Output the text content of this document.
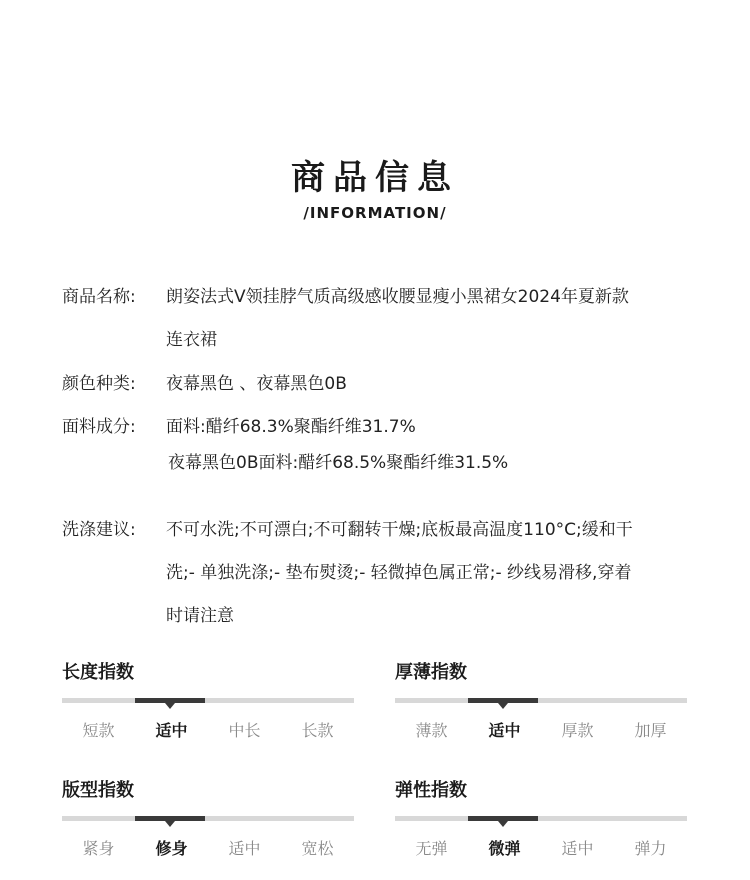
商品信息
/INFORMATION/
商品名称:	朗姿法式V领挂脖气质高级感收腰显瘦小黑裙女2024年夏新款
连衣裙
颜色种类:	夜幕黑色 、夜幕黑色0B
面料成分:	面料:醋纤68.3%聚酯纤维31.7%
夜幕黑色0B面料:醋纤68.5%聚酯纤维31.5%
洗涤建议:	不可水洗;不可漂白;不可翻转干燥;底板最高温度110°C;缓和干
洗;- 单独洗涤;- 垫布熨烫;- 轻微掉色属正常;- 纱线易滑移,穿着
时请注意
长度指数
短款	适中	中长	长款
厚薄指数
薄款	适中	厚款	加厚
版型指数
紧身	修身	适中	宽松
弹性指数
无弹	微弹	适中	弹力
